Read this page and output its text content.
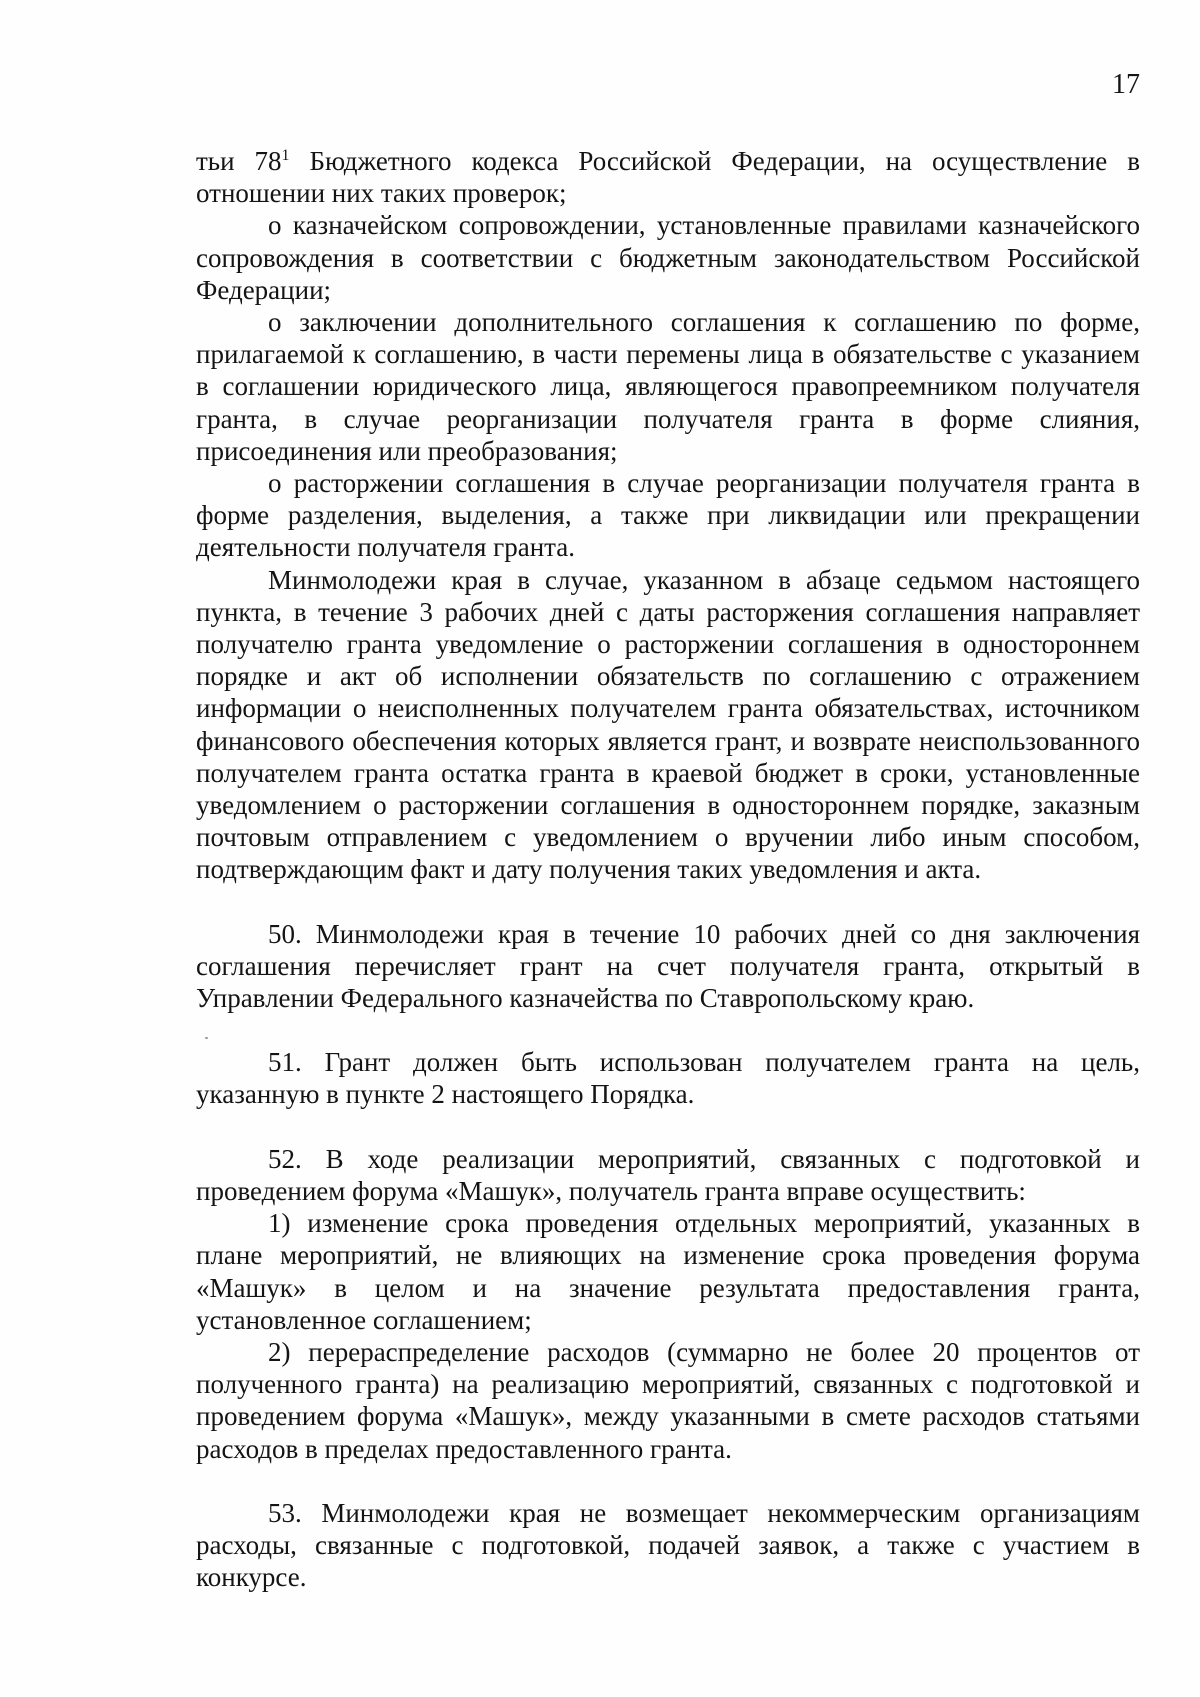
17

тьи $78^1$ Бюджетного кодекса Российской Федерации, на осуществление в отношении них таких проверок;

о казначейском сопровождении, установленные правилами казначейского сопровождения в соответствии с бюджетным законодательством Российской Федерации;

о заключении дополнительного соглашения к соглашению по форме, прилагаемой к соглашению, в части перемены лица в обязательстве с указанием в соглашении юридического лица, являющегося правопреемником получателя гранта, в случае реорганизации получателя гранта в форме слияния, присоединения или преобразования;

о расторжении соглашения в случае реорганизации получателя гранта в форме разделения, выделения, а также при ликвидации или прекращении деятельности получателя гранта.

Минмолодежи края в случае, указанном в абзаце седьмом настоящего пункта, в течение 3 рабочих дней с даты расторжения соглашения направляет получателю гранта уведомление о расторжении соглашения в одностороннем порядке и акт об исполнении обязательств по соглашению с отражением информации о неисполненных получателем гранта обязательствах, источником финансового обеспечения которых является грант, и возврате неиспользованного получателем гранта остатка гранта в краевой бюджет в сроки, установленные уведомлением о расторжении соглашения в одностороннем порядке, заказным почтовым отправлением с уведомлением о вручении либо иным способом, подтверждающим факт и дату получения таких уведомления и акта.

50. Минмолодежи края в течение 10 рабочих дней со дня заключения соглашения перечисляет грант на счет получателя гранта, открытый в Управлении Федерального казначейства по Ставропольскому краю.

51. Грант должен быть использован получателем гранта на цель, указанную в пункте 2 настоящего Порядка.

52. В ходе реализации мероприятий, связанных с подготовкой и проведением форума «Машук», получатель гранта вправе осуществить:

1) изменение срока проведения отдельных мероприятий, указанных в плане мероприятий, не влияющих на изменение срока проведения форума «Машук» в целом и на значение результата предоставления гранта, установленное соглашением;

2) перераспределение расходов (суммарно не более 20 процентов от полученного гранта) на реализацию мероприятий, связанных с подготовкой и проведением форума «Машук», между указанными в смете расходов статьями расходов в пределах предоставленного гранта.

53. Минмолодежи края не возмещает некоммерческим организациям расходы, связанные с подготовкой, подачей заявок, а также с участием в конкурсе.
